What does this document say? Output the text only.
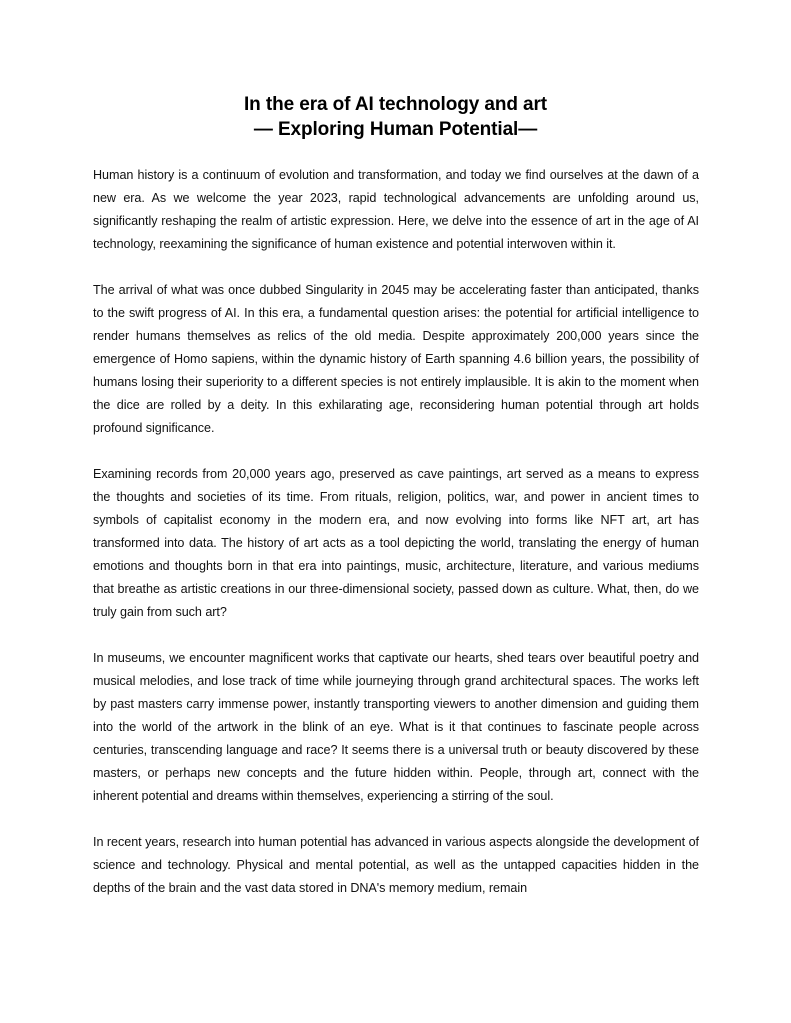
In the era of AI technology and art

― Exploring Human Potential―

Human history is a continuum of evolution and transformation, and today we find ourselves at the dawn of a new era. As we welcome the year 2023, rapid technological advancements are unfolding around us, significantly reshaping the realm of artistic expression. Here, we delve into the essence of art in the age of AI technology, reexamining the significance of human existence and potential interwoven within it.

The arrival of what was once dubbed Singularity in 2045 may be accelerating faster than anticipated, thanks to the swift progress of AI. In this era, a fundamental question arises: the potential for artificial intelligence to render humans themselves as relics of the old media. Despite approximately 200,000 years since the emergence of Homo sapiens, within the dynamic history of Earth spanning 4.6 billion years, the possibility of humans losing their superiority to a different species is not entirely implausible. It is akin to the moment when the dice are rolled by a deity. In this exhilarating age, reconsidering human potential through art holds profound significance.

Examining records from 20,000 years ago, preserved as cave paintings, art served as a means to express the thoughts and societies of its time. From rituals, religion, politics, war, and power in ancient times to symbols of capitalist economy in the modern era, and now evolving into forms like NFT art, art has transformed into data. The history of art acts as a tool depicting the world, translating the energy of human emotions and thoughts born in that era into paintings, music, architecture, literature, and various mediums that breathe as artistic creations in our three-dimensional society, passed down as culture. What, then, do we truly gain from such art?

In museums, we encounter magnificent works that captivate our hearts, shed tears over beautiful poetry and musical melodies, and lose track of time while journeying through grand architectural spaces. The works left by past masters carry immense power, instantly transporting viewers to another dimension and guiding them into the world of the artwork in the blink of an eye. What is it that continues to fascinate people across centuries, transcending language and race? It seems there is a universal truth or beauty discovered by these masters, or perhaps new concepts and the future hidden within. People, through art, connect with the inherent potential and dreams within themselves, experiencing a stirring of the soul.

In recent years, research into human potential has advanced in various aspects alongside the development of science and technology. Physical and mental potential, as well as the untapped capacities hidden in the depths of the brain and the vast data stored in DNA's memory medium, remain
